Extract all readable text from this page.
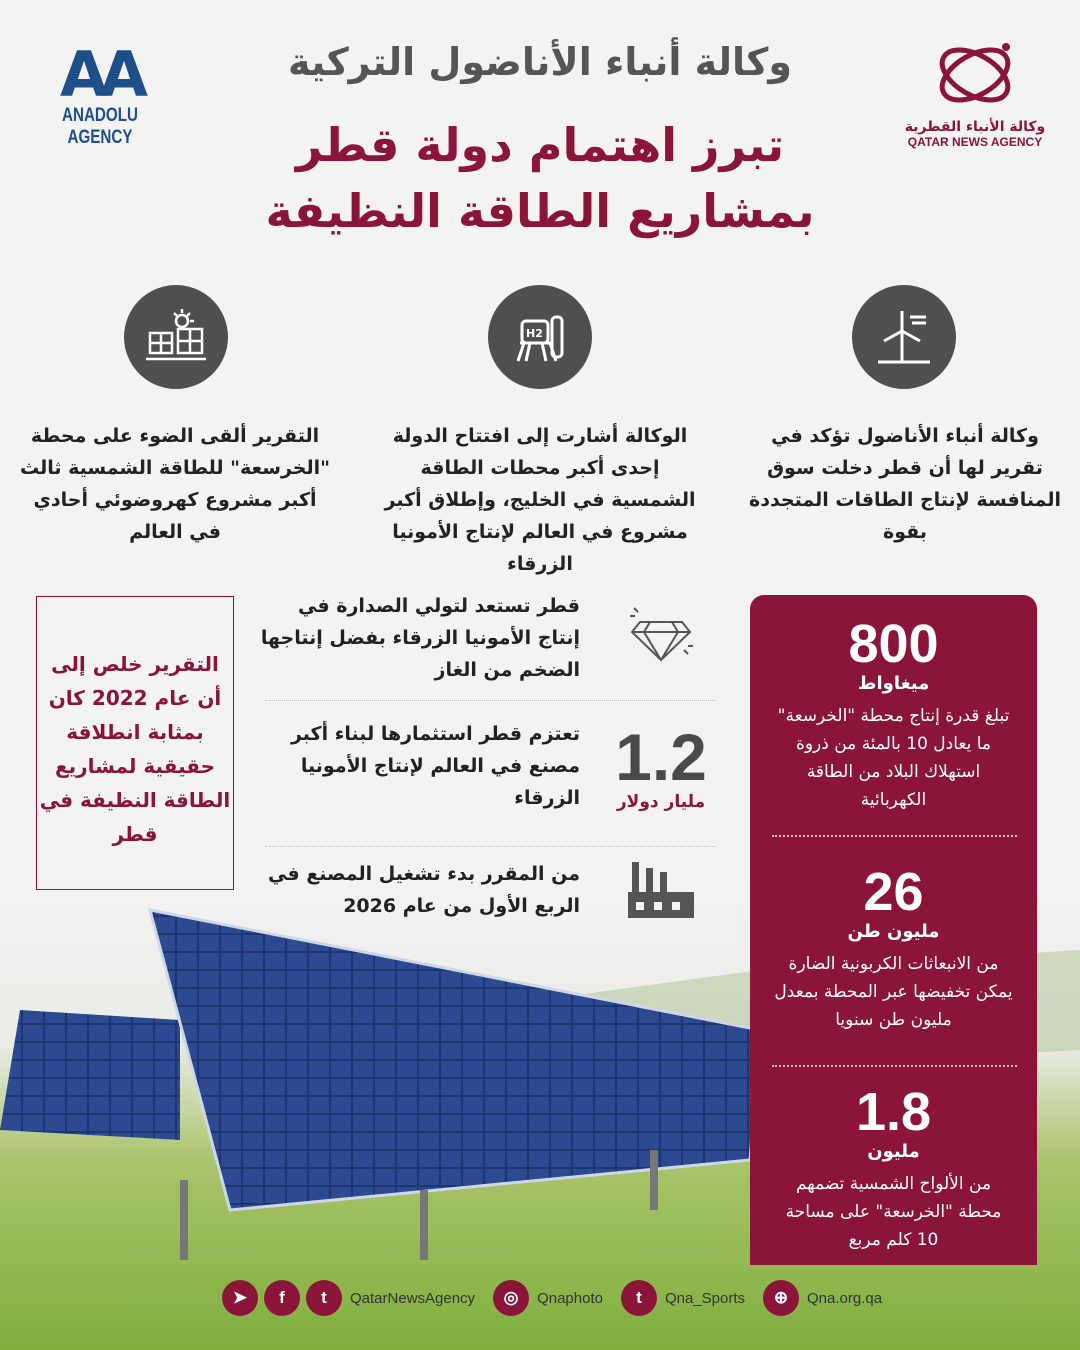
AA
ANADOLU AGENCY	وكالة الأنباء القطرية
QATAR NEWS AGENCY
وكالة أنباء الأناضول التركية
تبرز اهتمام دولة قطر
بمشاريع الطاقة النظيفة
H2
وكالة أنباء الأناضول تؤكد في تقرير لها أن قطر دخلت سوق المنافسة لإنتاج الطاقات المتجددة بقوة
الوكالة أشارت إلى افتتاح الدولة إحدى أكبر محطات الطاقة الشمسية في الخليج، وإطلاق أكبر مشروع في العالم لإنتاج الأمونيا الزرقاء
التقرير ألقى الضوء على محطة "الخرسعة" للطاقة الشمسية ثالث أكبر مشروع كهروضوئي أحادي في العالم
التقرير خلص إلى أن عام 2022 كان بمثابة انطلاقة حقيقية لمشاريع الطاقة النظيفة في قطر
قطر تستعد لتولي الصدارة في إنتاج الأمونيا الزرقاء بفضل إنتاجها الضخم من الغاز
1.2
مليار دولار
تعتزم قطر استثمارها لبناء أكبر مصنع في العالم لإنتاج الأمونيا الزرقاء
من المقرر بدء تشغيل المصنع في الربع الأول من عام 2026
800
ميغاواط
تبلغ قدرة إنتاج محطة "الخرسعة" ما يعادل 10 بالمئة من ذروة استهلاك البلاد من الطاقة الكهربائية
26
مليون طن
من الانبعاثات الكربونية الضارة يمكن تخفيضها عبر المحطة بمعدل مليون طن سنويا
1.8
مليون
من الألواح الشمسية تضمهم محطة "الخرسعة" على مساحة 10 كلم مربع
➤	f	t	QatarNewsAgency	◎	Qnaphoto	t	Qna_Sports	⊕	Qna.org.qa
